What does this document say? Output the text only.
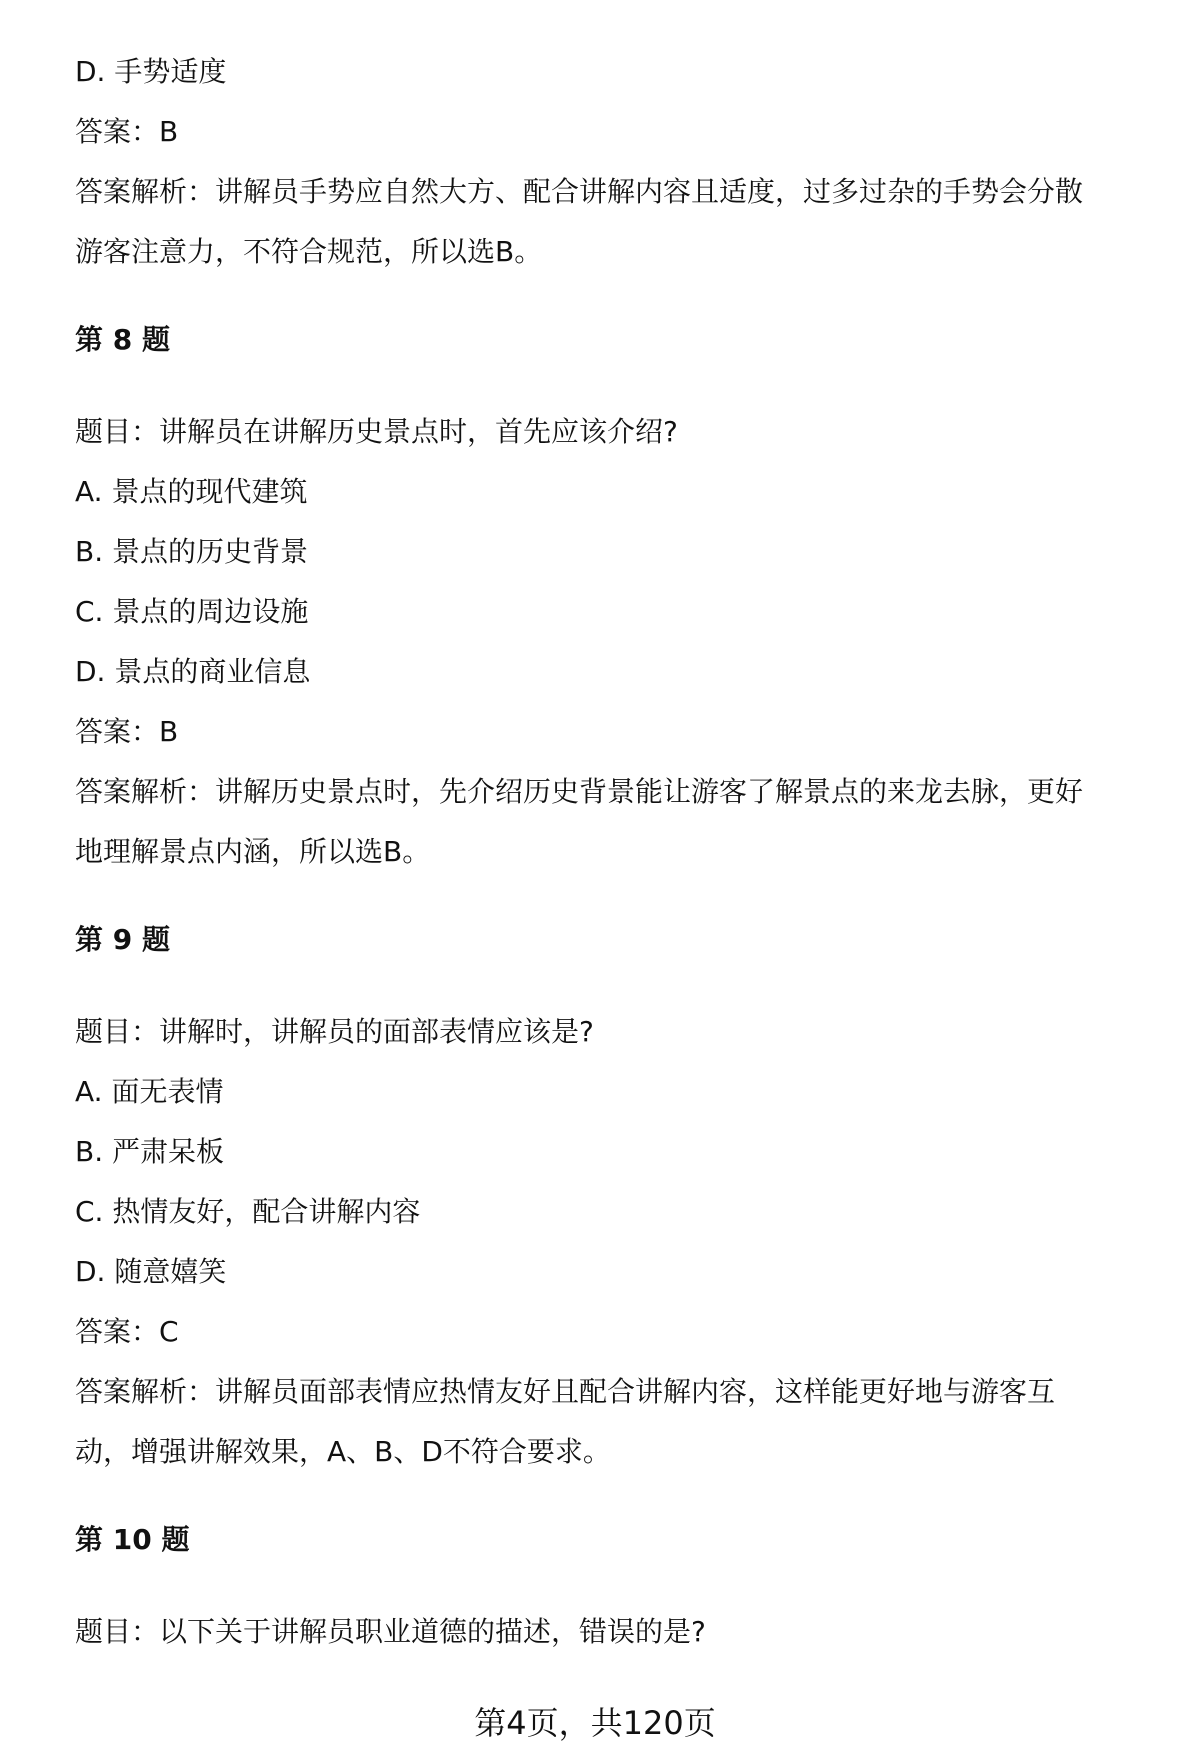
D. 手势适度
答案：B
答案解析：讲解员手势应自然大方、配合讲解内容且适度，过多过杂的手势会分散
游客注意力，不符合规范，所以选B。
第 8 题
题目：讲解员在讲解历史景点时，首先应该介绍?
A. 景点的现代建筑
B. 景点的历史背景
C. 景点的周边设施
D. 景点的商业信息
答案：B
答案解析：讲解历史景点时，先介绍历史背景能让游客了解景点的来龙去脉，更好
地理解景点内涵，所以选B。
第 9 题
题目：讲解时，讲解员的面部表情应该是?
A. 面无表情
B. 严肃呆板
C. 热情友好，配合讲解内容
D. 随意嬉笑
答案：C
答案解析：讲解员面部表情应热情友好且配合讲解内容，这样能更好地与游客互
动，增强讲解效果，A、B、D不符合要求。
第 10 题
题目：以下关于讲解员职业道德的描述，错误的是?
第4页，共120页
